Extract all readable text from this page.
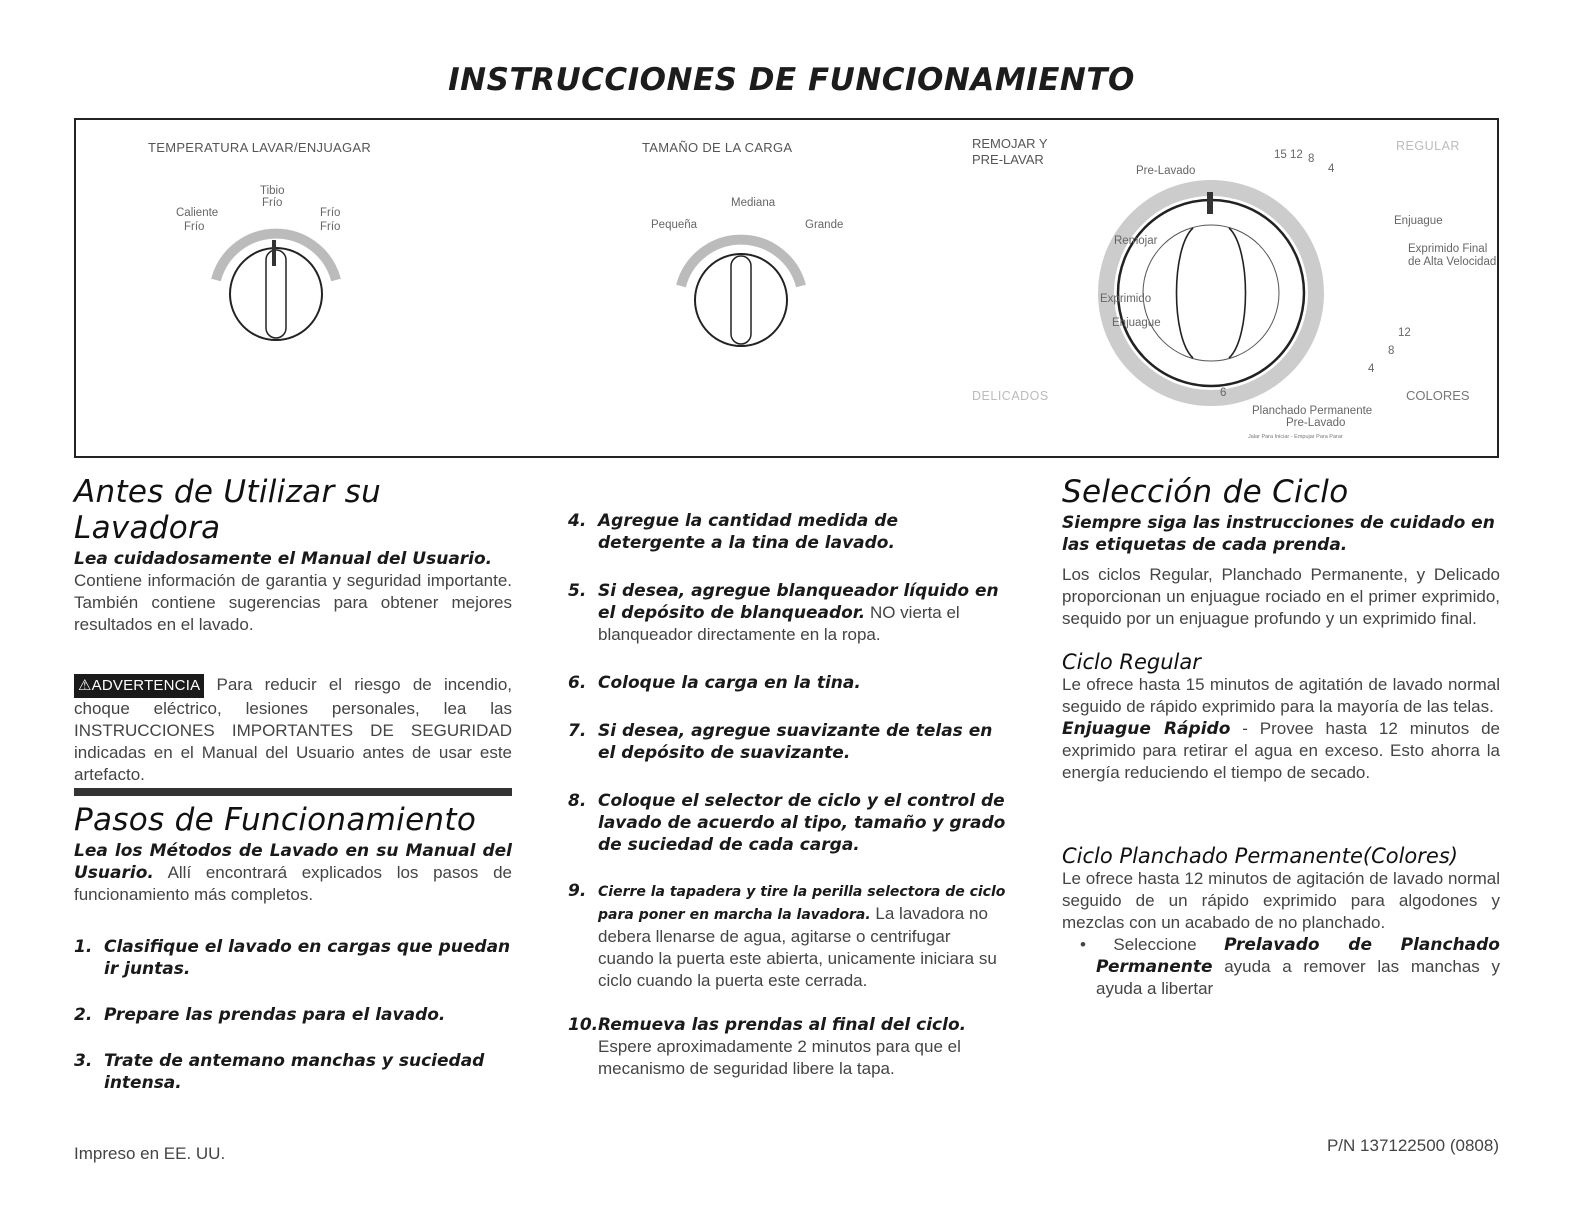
INSTRUCCIONES DE FUNCIONAMIENTO
TEMPERATURA LAVAR/ENJUAGAR
Caliente
Frío
Tibio
Frío
Frío
Frío
TAMAÑO DE LA CARGA
Pequeña
Mediana
Grande
REMOJAR Y
PRE-LAVAR
REGULAR
DELICADOS	COLORES
Pre-Lavado
Remojar
Exprimido
Enjuague
Enjuague
Exprimido Final
de Alta Velocidad
15 12 8
4
12
8
4
6
Planchado Permanente
Pre-Lavado
Jalar Para Iniciar - Empujar Para Parar
Antes de Utilizar su Lavadora

Lea cuidadosamente el Manual del Usuario.

Contiene información de garantia y seguridad importante. También contiene sugerencias para obtener mejores resultados en el lavado.

⚠ADVERTENCIA Para reducir el riesgo de incendio, choque eléctrico, lesiones personales, lea las INSTRUCCIONES IMPORTANTES DE SEGURIDAD indicadas en el Manual del Usuario antes de usar este artefacto.

Pasos de Funcionamiento

Lea los Métodos de Lavado en su Manual del Usuario. Allí encontrará explicados los pasos de funcionamiento más completos.

1. Clasifique el lavado en cargas que puedan ir juntas.
2. Prepare las prendas para el lavado.
3. Trate de antemano manchas y suciedad intensa.
4. Agregue la cantidad medida de detergente a la tina de lavado.
5. Si desea, agregue blanqueador líquido en el depósito de blanqueador. NO vierta el blanqueador directamente en la ropa.
6. Coloque la carga en la tina.
7. Si desea, agregue suavizante de telas en el depósito de suavizante.
8. Coloque el selector de ciclo y el control de lavado de acuerdo al tipo, tamaño y grado de suciedad de cada carga.
9. Cierre la tapadera y tire la perilla selectora de ciclo para poner en marcha la lavadora. La lavadora no debera llenarse de agua, agitarse o centrifugar cuando la puerta este abierta, unicamente iniciara su ciclo cuando la puerta este cerrada.
10. Remueva las prendas al final del ciclo.
Espere aproximadamente 2 minutos para que el mecanismo de seguridad libere la tapa.
Selección de Ciclo

Siempre siga las instrucciones de cuidado en las etiquetas de cada prenda.

Los ciclos Regular, Planchado Permanente, y Delicado proporcionan un enjuague rociado en el primer exprimido, sequido por un enjuague profundo y un exprimido final.

Ciclo Regular

Le ofrece hasta 15 minutos de agitatión de lavado normal seguido de rápido exprimido para la mayoría de las telas.

Enjuague Rápido - Provee hasta 12 minutos de exprimido para retirar el agua en exceso. Esto ahorra la energía reduciendo el tiempo de secado.

Ciclo Planchado Permanente(Colores)

Le ofrece hasta 12 minutos de agitación de lavado normal seguido de un rápido exprimido para algodones y mezclas con un acabado de no planchado.

• Seleccione Prelavado de Planchado Permanente ayuda a remover las manchas y ayuda a libertar

Impreso en EE. UU.	P/N 137122500 (0808)
